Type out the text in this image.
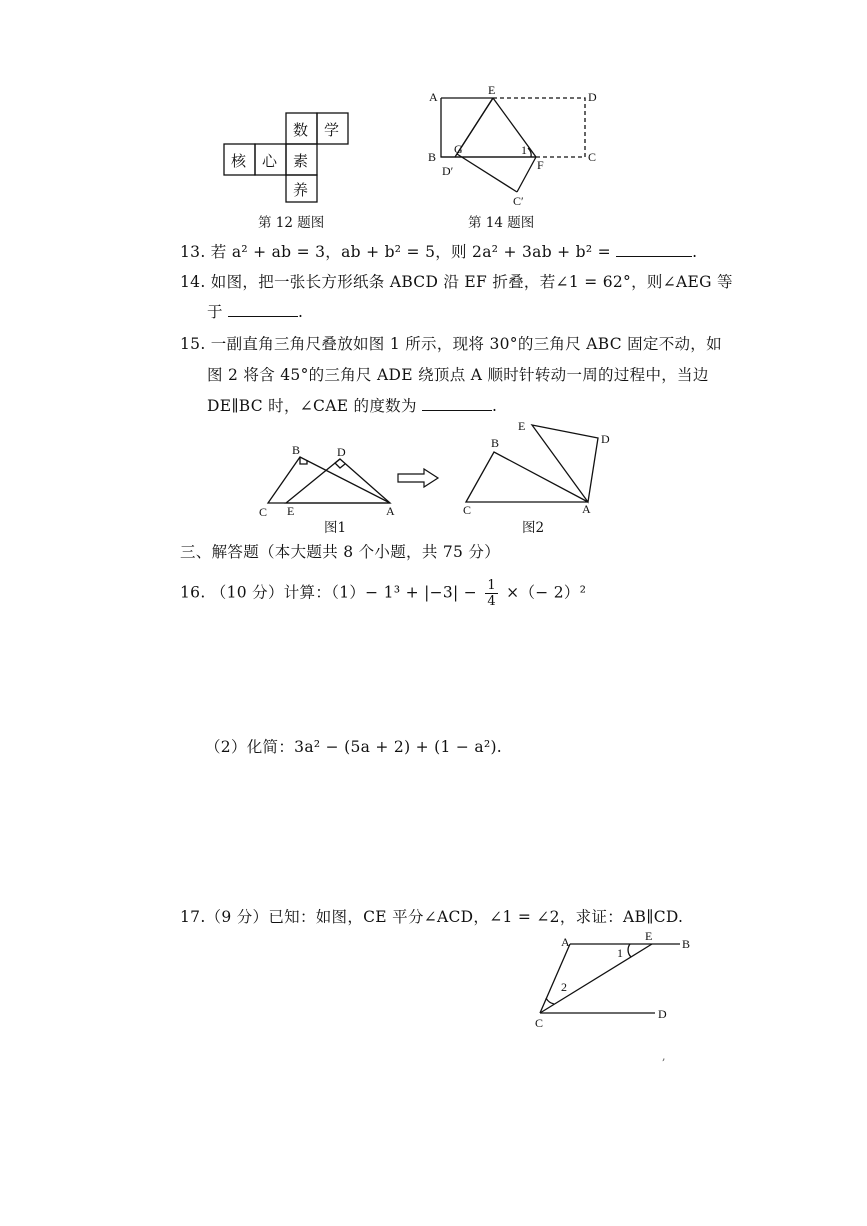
数 学
核 心 素
养
第 12 题图
A	E	D
B
G	1
F
C
D′
C′
第 14 题图
13. 若 a² + ab = 3，ab + b² = 5，则 2a² + 3ab + b² =	.
14. 如图，把一张长方形纸条 ABCD 沿 EF 折叠，若∠1 = 62°，则∠AEG 等
于	.
15. 一副直角三角尺叠放如图 1 所示，现将 30°的三角尺 ABC 固定不动，如
图 2 将含 45°的三角尺 ADE 绕顶点 A 顺时针转动一周的过程中，当边
DE∥BC 时，∠CAE 的度数为	.
B	D
C E	A
E
D
B
C	A
图1	图2
三、解答题（本大题共 8 个小题，共 75 分）
16. （10 分）计算：$(1)- 1^3 + |-3| - \frac{1}{4}$ ×（− 2）²
（2）化简：3a² − (5a + 2) + (1 − a²).
17.（9 分）已知：如图，CE 平分∠ACD，∠1 = ∠2，求证：AB∥CD.
A	E
B
1
2
C
D
,
